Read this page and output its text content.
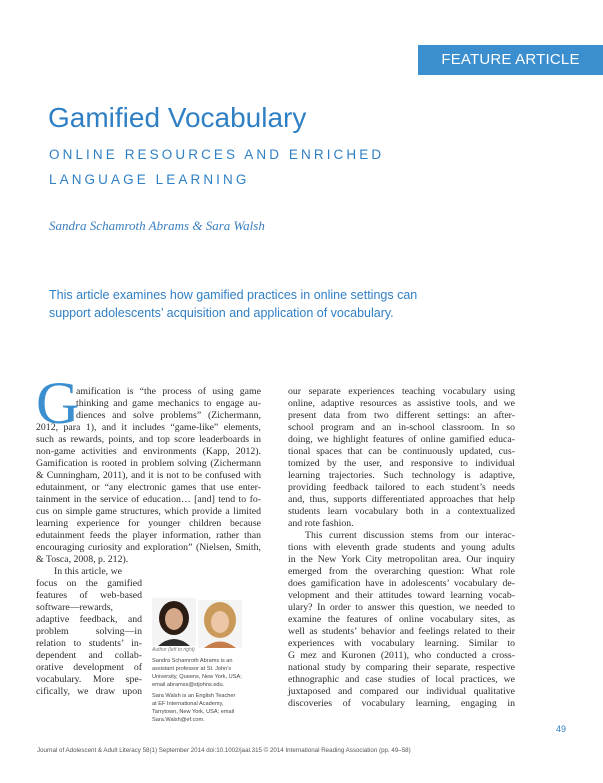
FEATURE ARTICLE
Gamified Vocabulary
ONLINE RESOURCES AND ENRICHED
LANGUAGE LEARNING
Sandra Schamroth Abrams & Sara Walsh
This article examines how gamified practices in online settings can
support adolescents’ acquisition and application of vocabulary.
G
amification is “the process of using game
thinking and game mechanics to engage au-
diences and solve problems” (Zichermann,
2012, para 1), and it includes “game-like” elements,
such as rewards, points, and top score leaderboards in
non-game activities and environments (Kapp, 2012).
Gamification is rooted in problem solving (Zichermann
& Cunningham, 2011), and it is not to be confused with
edutainment, or “any electronic games that use enter-
tainment in the service of education… [and] tend to fo-
cus on simple game structures, which provide a limited
learning experience for younger children because
edutainment feeds the player information, rather than
encouraging curiosity and exploration” (Nielsen, Smith,
& Tosca, 2008, p. 212).
In this article, we
focus on the gamified
features of web-based
software—rewards,
adaptive feedback, and
problem solving—in
relation to students’ in-
dependent and collab-
orative development of
vocabulary. More spe-
cifically, we draw upon
Author (left to right)
Sandra Schamroth Abrams is an
assistant professor at St. John’s
University, Queens, New York, USA;
email abramss@stjohns.edu.
Sara Walsh is an English Teacher
at EF International Academy,
Tarrytown, New York, USA; email
Sara.Walsh@ef.com.
our separate experiences teaching vocabulary using
online, adaptive resources as assistive tools, and we
present data from two different settings: an after-
school program and an in-school classroom. In so
doing, we highlight features of online gamified educa-
tional spaces that can be continuously updated, cus-
tomized by the user, and responsive to individual
learning trajectories. Such technology is adaptive,
providing feedback tailored to each student’s needs
and, thus, supports differentiated approaches that help
students learn vocabulary both in a contextualized
and rote fashion.
This current discussion stems from our interac-
tions with eleventh grade students and young adults
in the New York City metropolitan area. Our inquiry
emerged from the overarching question: What role
does gamification have in adolescents’ vocabulary de-
velopment and their attitudes toward learning vocab-
ulary? In order to answer this question, we needed to
examine the features of online vocabulary sites, as
well as students’ behavior and feelings related to their
experiences with vocabulary learning. Similar to
G mez and Kuronen (2011), who conducted a cross-
national study by comparing their separate, respective
ethnographic and case studies of local practices, we
juxtaposed and compared our individual qualitative
discoveries of vocabulary learning, engaging in
49
Journal of Adolescent & Adult Literacy 58(1) September 2014 doi:10.1002/jaal.315 © 2014 International Reading Association (pp. 49–58)
